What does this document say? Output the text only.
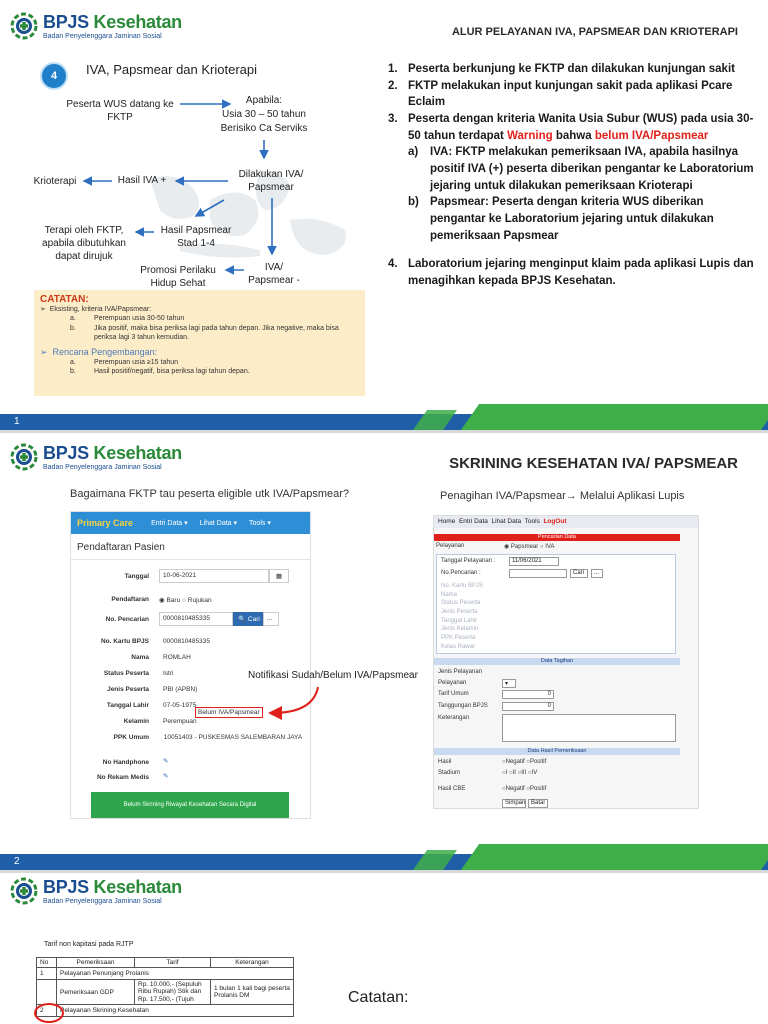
BPJS Kesehatan
Badan Penyelenggara Jaminan Sosial	ALUR PELAYANAN IVA, PAPSMEAR DAN KRIOTERAPI
4	IVA, Papsmear dan Krioterapi
Peserta WUS datang ke FKTP
Apabila:
Usia 30 – 50 tahun
Berisiko Ca Serviks
Dilakukan IVA/ Papsmear
Hasil IVA +
Krioterapi
Terapi oleh FKTP, apabila dibutuhkan dapat dirujuk
Hasil Papsmear Stad 1-4
IVA/ Papsmear -
Promosi Perilaku Hidup Sehat
CATATAN:
➢  Eksisting, kriteria IVA/Papsmear:
a.	Perempuan usia 30-50 tahun
b.	Jika positif, maka bisa periksa lagi pada tahun depan. Jika negative, maka bisa periksa lagi 3 tahun kemudian.
➢  Rencana Pengembangan:
a.	Perempuan usia ≥15 tahun
b.	Hasil positif/negatif, bisa periksa lagi tahun depan.
1. Peserta berkunjung ke FKTP dan dilakukan kunjungan sakit
2. FKTP melakukan input kunjungan sakit pada aplikasi Pcare Eclaim
3. Peserta dengan kriteria Wanita Usia Subur (WUS) pada usia 30-50 tahun terdapat Warning bahwa belum IVA/Papsmear
a)	IVA: FKTP melakukan pemeriksaan IVA, apabila hasilnya positif IVA (+) peserta diberikan pengantar ke Laboratorium jejaring untuk dilakukan pemeriksaan Krioterapi
b) Papsmear: Peserta dengan kriteria WUS diberikan pengantar ke Laboratorium jejaring untuk dilakukan pemeriksaan Papsmear
4. Laboratorium jejaring menginput klaim pada aplikasi Lupis dan menagihkan kepada BPJS Kesehatan.
1
BPJS Kesehatan
Badan Penyelenggara Jaminan Sosial	SKRINING KESEHATAN IVA/ PAPSMEAR
Bagaimana FKTP tau peserta eligible utk IVA/Papsmear?	Penagihan IVA/Papsmear→ Melalui Aplikasi Lupis
Primary Care	Entri Data ▾ Lihat Data ▾ Tools ▾
Pendaftaran Pasien
Tanggal	10-06-2021	▦
Pendaftaran ◉ Baru ○ Rujukan
No. Pencarian	0000810485335	🔍 Cari	...
No. Kartu BPJS 0000810485335
Nama ROMLAH
Status Peserta Istri
Jenis Peserta PBI (APBN)
Tanggal Lahir 07-05-1975
Kelamin Perempuan
PPK Umum 10051403 - PUSKESMAS SALEMBARAN JAYA
No Handphone ✎
No Rekam Medis ✎
Belum Skrining Riwayat Kesehatan Secara Digital
Belum IVA/Papsmear
Notifikasi Sudah/Belum IVA/Papsmear
Home Entri Data Lihat Data Tools LogOut
Pencarian Data
Pelayanan	◉ Papsmear ○ IVA
Tanggal Pelayanan :	11/06/2021
No.Pencarian :	Cari	...
No. Kartu BPJS
Nama
Status Peserta
Jenis Peserta
Tanggal Lahir
Jenis Kelamin
PPK Peserta
Kelas Rawat
Data Tagihan
Jenis Pelayanan
Pelayanan	▾
Tarif Umum	0
Tanggungan BPJS	0
Keterangan
Data Hasil Pemeriksaan
Hasil	○Negatif ○Positif
Stadium	○I ○II ○III ○IV
Hasil CBE	○Negatif ○Positif
Simpan Batal
2
BPJS Kesehatan
Badan Penyelenggara Jaminan Sosial
Tarif non kapitasi pada RJTP
No	Pemeriksaan	Tarif	Keterangan
1	Pelayanan Penunjang Prolanis		
	Pemeriksaan GDP	Rp. 10.000,- (Sepuluh Ribu Rupiah) Stik dan Rp. 17.500,- (Tujuh	1 bulan 1 kali bagi peserta Prolanis DM
2	Pelayanan Skrining Kesehatan		
Catatan:
